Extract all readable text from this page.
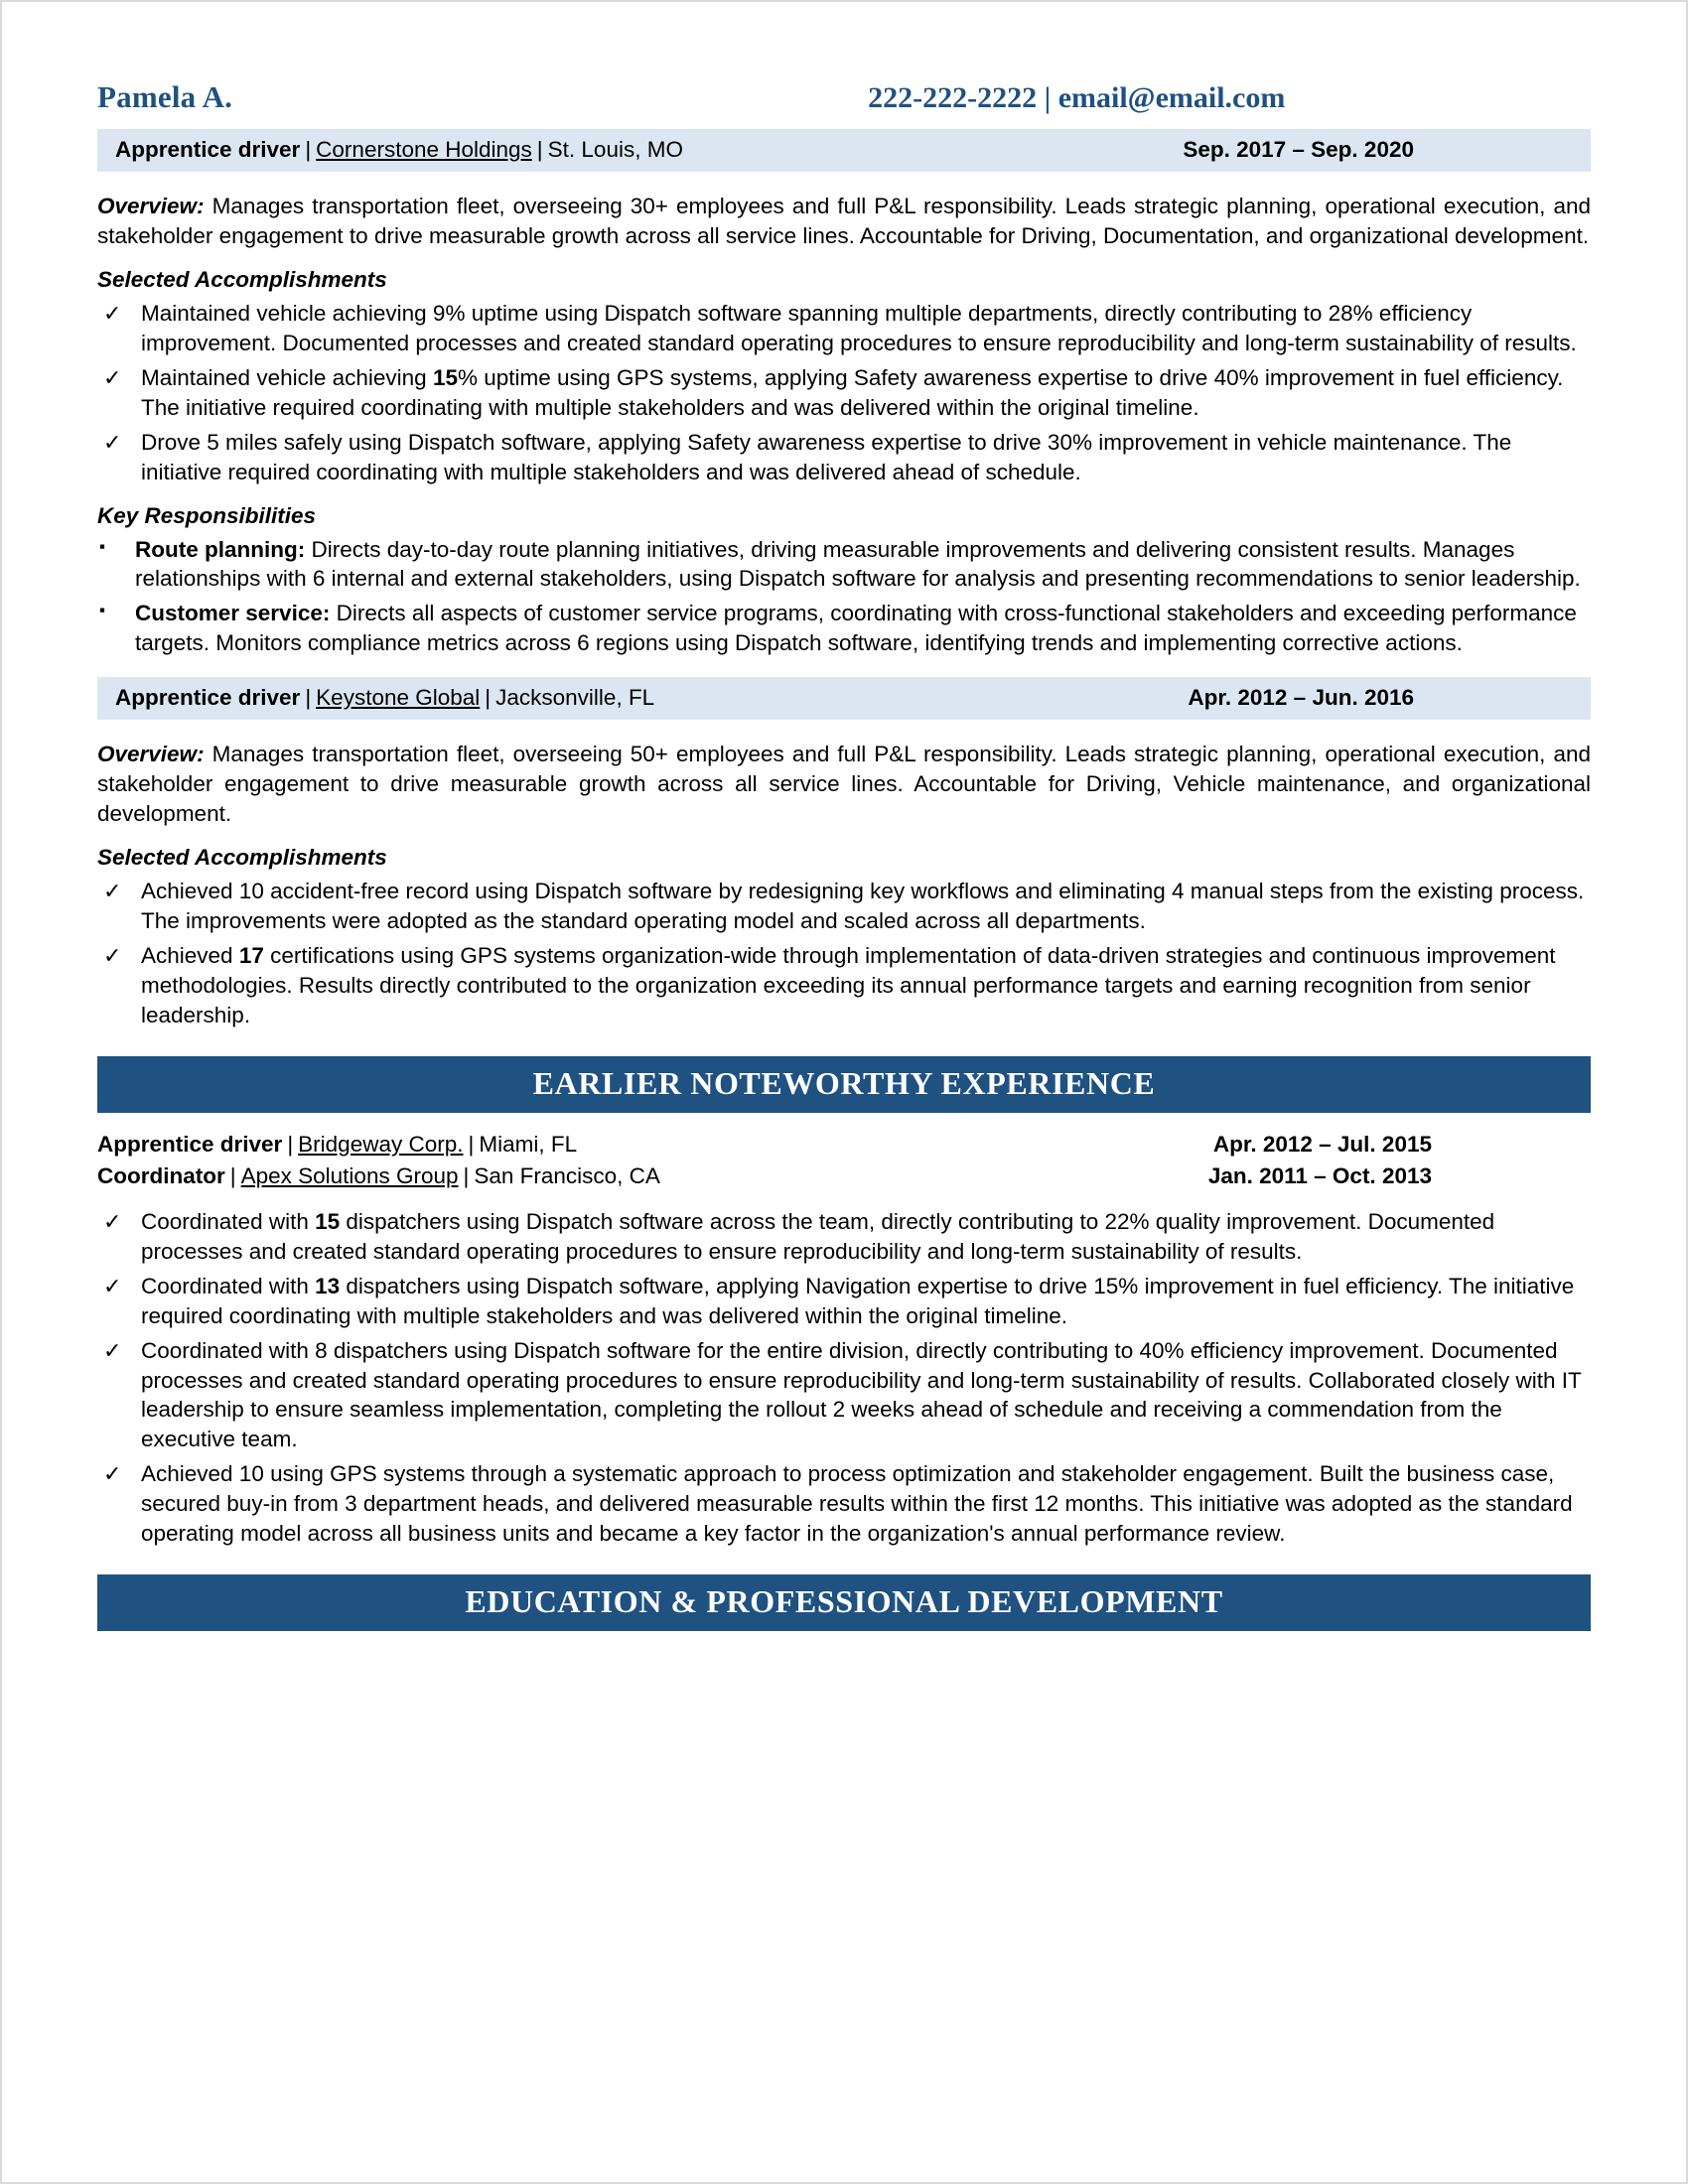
Pamela A.	222-222-2222 | email@email.com
Apprentice driver | Cornerstone Holdings | St. Louis, MO	Sep. 2017 – Sep. 2020

Overview: Manages transportation fleet, overseeing 30+ employees and full P&L responsibility. Leads strategic planning, operational execution, and stakeholder engagement to drive measurable growth across all service lines. Accountable for Driving, Documentation, and organizational development.

Selected Accomplishments
✓ Maintained vehicle achieving 9% uptime using Dispatch software spanning multiple departments, directly contributing to 28% efficiency improvement. Documented processes and created standard operating procedures to ensure reproducibility and long-term sustainability of results.
✓ Maintained vehicle achieving 15% uptime using GPS systems, applying Safety awareness expertise to drive 40% improvement in fuel efficiency. The initiative required coordinating with multiple stakeholders and was delivered within the original timeline.
✓ Drove 5 miles safely using Dispatch software, applying Safety awareness expertise to drive 30% improvement in vehicle maintenance. The initiative required coordinating with multiple stakeholders and was delivered ahead of schedule.
Key Responsibilities
▪ Route planning: Directs day-to-day route planning initiatives, driving measurable improvements and delivering consistent results. Manages relationships with 6 internal and external stakeholders, using Dispatch software for analysis and presenting recommendations to senior leadership.
▪ Customer service: Directs all aspects of customer service programs, coordinating with cross-functional stakeholders and exceeding performance targets. Monitors compliance metrics across 6 regions using Dispatch software, identifying trends and implementing corrective actions.
Apprentice driver | Keystone Global | Jacksonville, FL	Apr. 2012 – Jun. 2016

Overview: Manages transportation fleet, overseeing 50+ employees and full P&L responsibility. Leads strategic planning, operational execution, and stakeholder engagement to drive measurable growth across all service lines. Accountable for Driving, Vehicle maintenance, and organizational development.

Selected Accomplishments
✓ Achieved 10 accident-free record using Dispatch software by redesigning key workflows and eliminating 4 manual steps from the existing process. The improvements were adopted as the standard operating model and scaled across all departments.
✓ Achieved 17 certifications using GPS systems organization-wide through implementation of data-driven strategies and continuous improvement methodologies. Results directly contributed to the organization exceeding its annual performance targets and earning recognition from senior leadership.
EARLIER NOTEWORTHY EXPERIENCE
Apprentice driver | Bridgeway Corp. | Miami, FL	Apr. 2012 – Jul. 2015
Coordinator | Apex Solutions Group | San Francisco, CA	Jan. 2011 – Oct. 2013
✓ Coordinated with 15 dispatchers using Dispatch software across the team, directly contributing to 22% quality improvement. Documented processes and created standard operating procedures to ensure reproducibility and long-term sustainability of results.
✓ Coordinated with 13 dispatchers using Dispatch software, applying Navigation expertise to drive 15% improvement in fuel efficiency. The initiative required coordinating with multiple stakeholders and was delivered within the original timeline.
✓ Coordinated with 8 dispatchers using Dispatch software for the entire division, directly contributing to 40% efficiency improvement. Documented processes and created standard operating procedures to ensure reproducibility and long-term sustainability of results. Collaborated closely with IT leadership to ensure seamless implementation, completing the rollout 2 weeks ahead of schedule and receiving a commendation from the executive team.
✓ Achieved 10 using GPS systems through a systematic approach to process optimization and stakeholder engagement. Built the business case, secured buy-in from 3 department heads, and delivered measurable results within the first 12 months. This initiative was adopted as the standard operating model across all business units and became a key factor in the organization's annual performance review.
EDUCATION & PROFESSIONAL DEVELOPMENT
